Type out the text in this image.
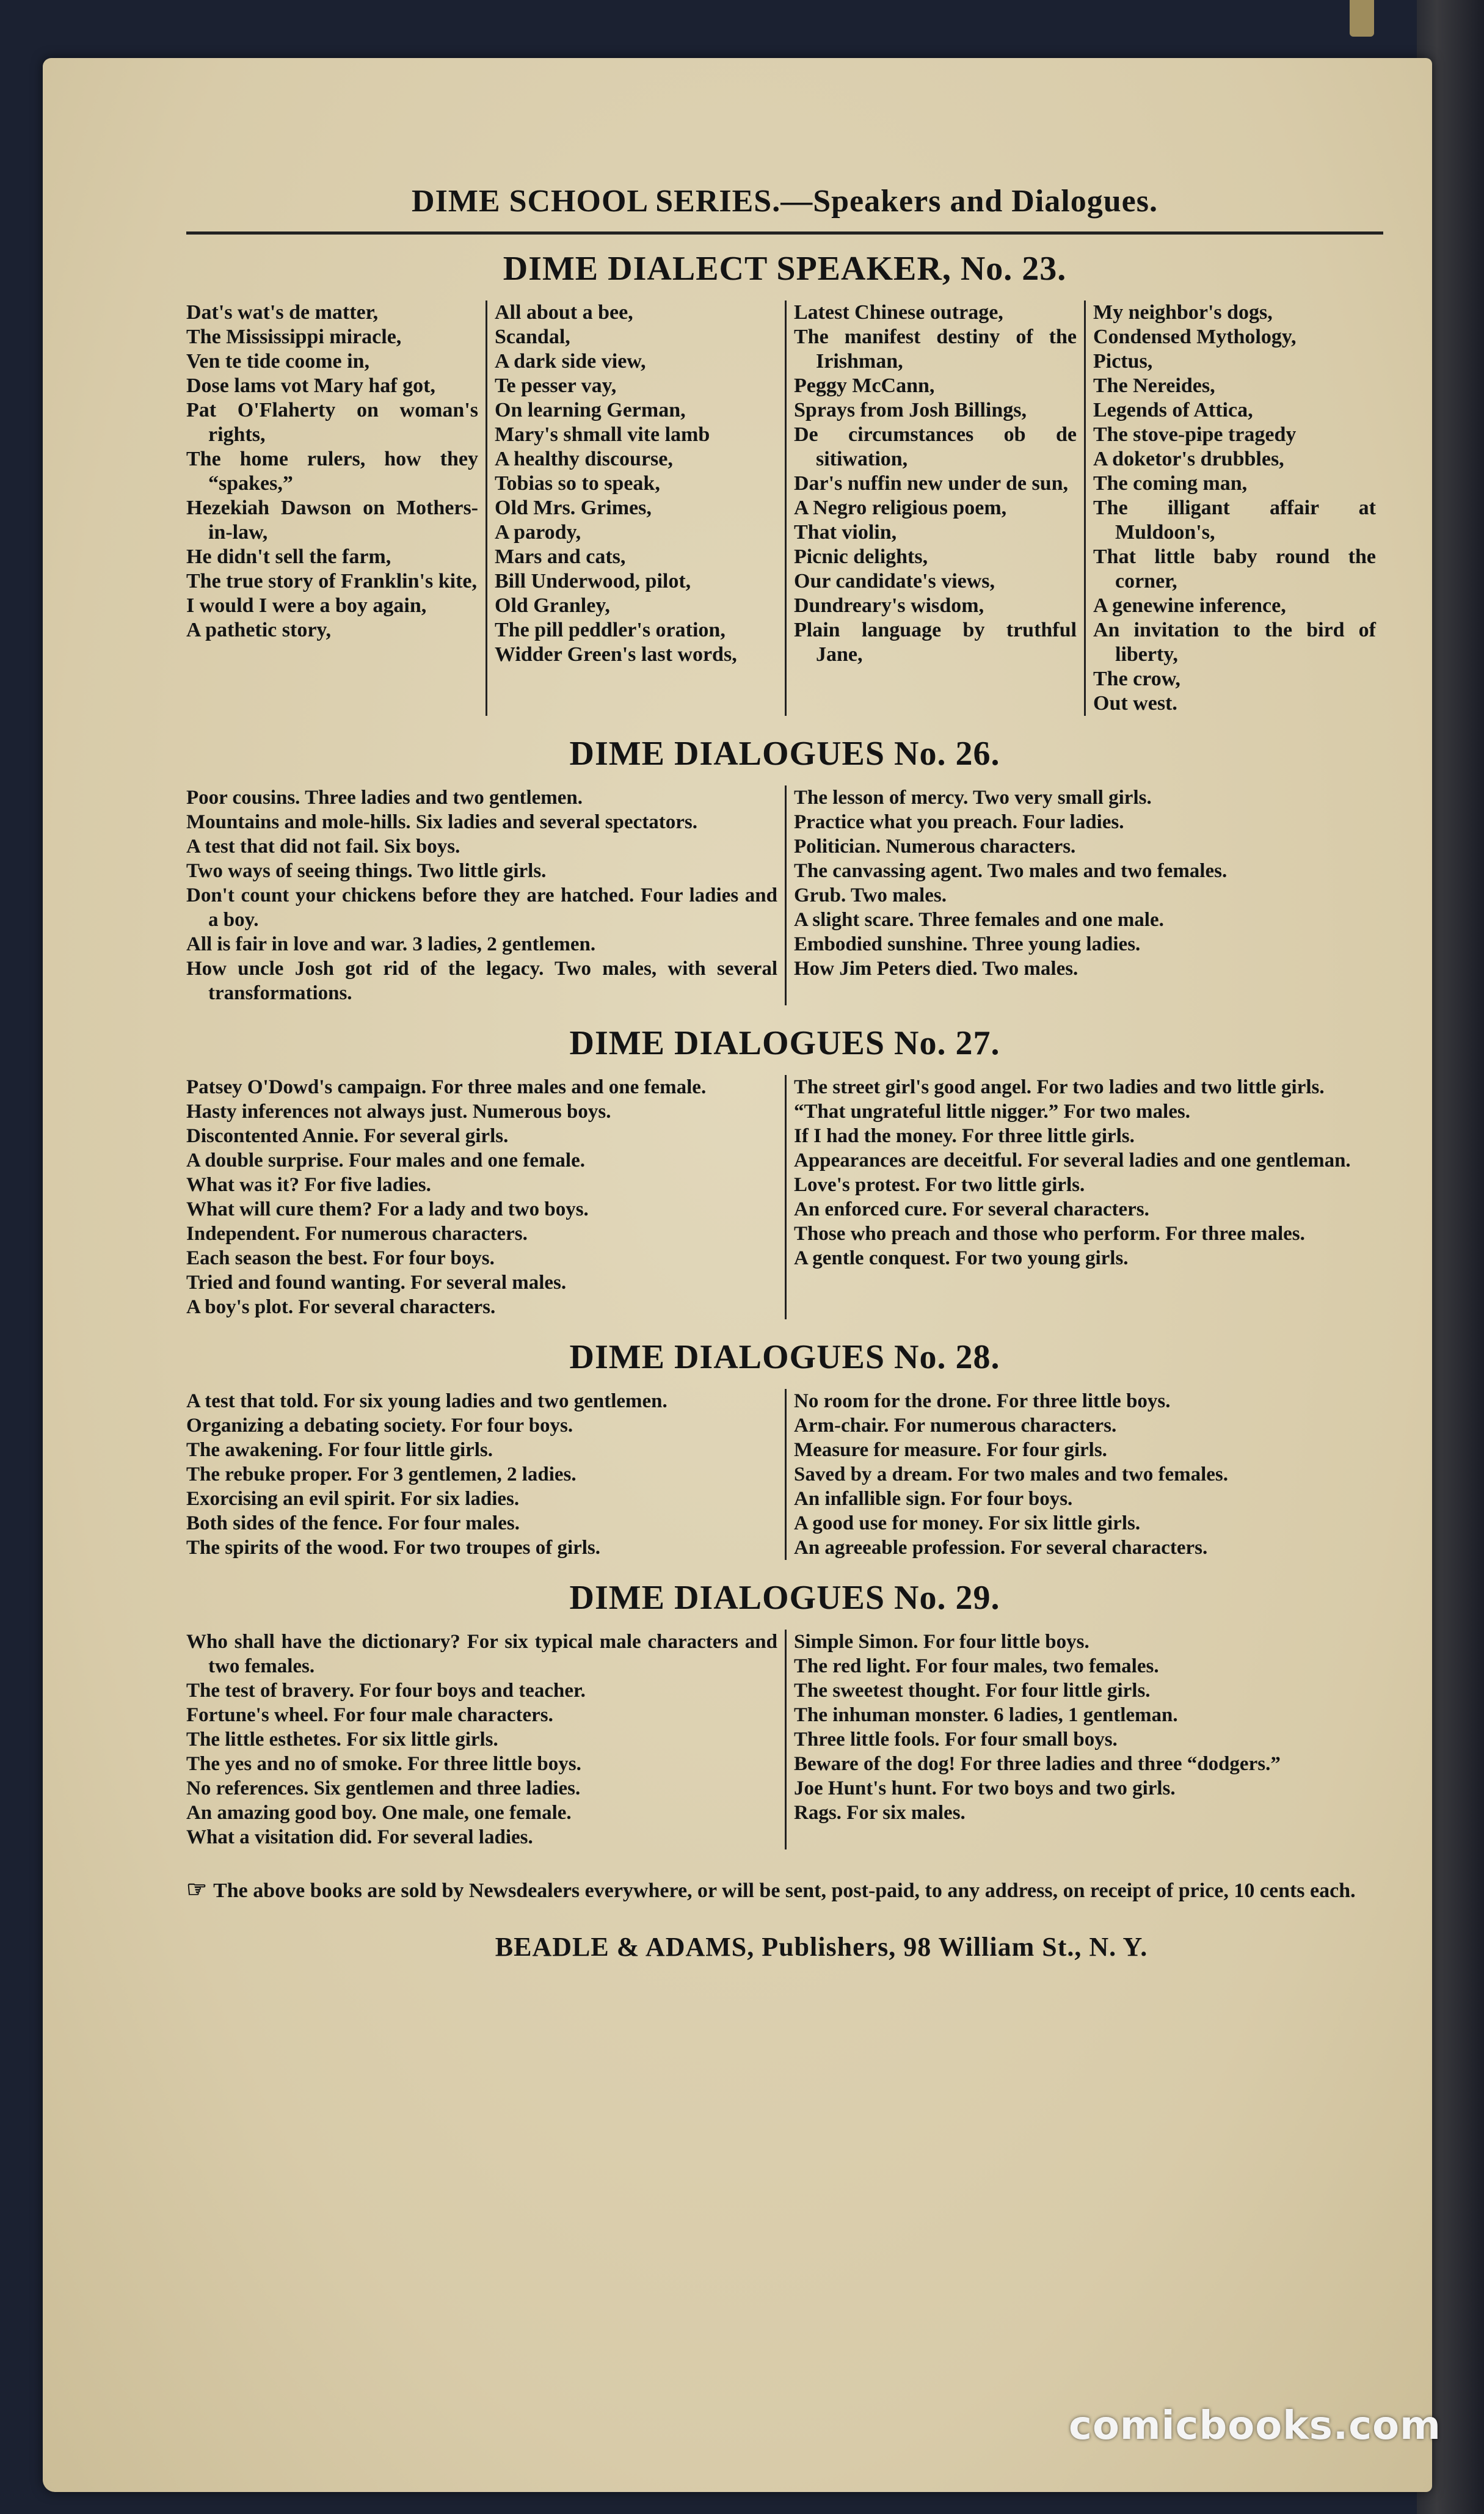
DIME SCHOOL SERIES.—Speakers and Dialogues.
DIME DIALECT SPEAKER, No. 23.
Dat's wat's de matter,
The Mississippi miracle,
Ven te tide coome in,
Dose lams vot Mary haf got,
Pat O'Flaherty on woman's rights,
The home rulers, how they “spakes,”
Hezekiah Dawson on Mothers-in-law,
He didn't sell the farm,
The true story of Franklin's kite,
I would I were a boy again,
A pathetic story,
All about a bee,
Scandal,
A dark side view,
Te pesser vay,
On learning German,
Mary's shmall vite lamb
A healthy discourse,
Tobias so to speak,
Old Mrs. Grimes,
A parody,
Mars and cats,
Bill Underwood, pilot,
Old Granley,
The pill peddler's oration,
Widder Green's last words,
Latest Chinese outrage,
The manifest destiny of the Irishman,
Peggy McCann,
Sprays from Josh Billings,
De circumstances ob de sitiwation,
Dar's nuffin new under de sun,
A Negro religious poem,
That violin,
Picnic delights,
Our candidate's views,
Dundreary's wisdom,
Plain language by truthful Jane,
My neighbor's dogs,
Condensed Mythology,
Pictus,
The Nereides,
Legends of Attica,
The stove-pipe tragedy
A doketor's drubbles,
The coming man,
The illigant affair at Muldoon's,
That little baby round the corner,
A genewine inference,
An invitation to the bird of liberty,
The crow,
Out west.
DIME DIALOGUES No. 26.
Poor cousins. Three ladies and two gentlemen.
Mountains and mole-hills. Six ladies and several spectators.
A test that did not fail. Six boys.
Two ways of seeing things. Two little girls.
Don't count your chickens before they are hatched. Four ladies and a boy.
All is fair in love and war. 3 ladies, 2 gentlemen.
How uncle Josh got rid of the legacy. Two males, with several transformations.
The lesson of mercy. Two very small girls.
Practice what you preach. Four ladies.
Politician. Numerous characters.
The canvassing agent. Two males and two females.
Grub. Two males.
A slight scare. Three females and one male.
Embodied sunshine. Three young ladies.
How Jim Peters died. Two males.
DIME DIALOGUES No. 27.
Patsey O'Dowd's campaign. For three males and one female.
Hasty inferences not always just. Numerous boys.
Discontented Annie. For several girls.
A double surprise. Four males and one female.
What was it? For five ladies.
What will cure them? For a lady and two boys.
Independent. For numerous characters.
Each season the best. For four boys.
Tried and found wanting. For several males.
A boy's plot. For several characters.
The street girl's good angel. For two ladies and two little girls.
“That ungrateful little nigger.” For two males.
If I had the money. For three little girls.
Appearances are deceitful. For several ladies and one gentleman.
Love's protest. For two little girls.
An enforced cure. For several characters.
Those who preach and those who perform. For three males.
A gentle conquest. For two young girls.
DIME DIALOGUES No. 28.
A test that told. For six young ladies and two gentlemen.
Organizing a debating society. For four boys.
The awakening. For four little girls.
The rebuke proper. For 3 gentlemen, 2 ladies.
Exorcising an evil spirit. For six ladies.
Both sides of the fence. For four males.
The spirits of the wood. For two troupes of girls.
No room for the drone. For three little boys.
Arm-chair. For numerous characters.
Measure for measure. For four girls.
Saved by a dream. For two males and two females.
An infallible sign. For four boys.
A good use for money. For six little girls.
An agreeable profession. For several characters.
DIME DIALOGUES No. 29.
Who shall have the dictionary? For six typical male characters and two females.
The test of bravery. For four boys and teacher.
Fortune's wheel. For four male characters.
The little esthetes. For six little girls.
The yes and no of smoke. For three little boys.
No references. Six gentlemen and three ladies.
An amazing good boy. One male, one female.
What a visitation did. For several ladies.
Simple Simon. For four little boys.
The red light. For four males, two females.
The sweetest thought. For four little girls.
The inhuman monster. 6 ladies, 1 gentleman.
Three little fools. For four small boys.
Beware of the dog! For three ladies and three “dodgers.”
Joe Hunt's hunt. For two boys and two girls.
Rags. For six males.
☞ The above books are sold by Newsdealers everywhere, or will be sent, post-paid, to any address, on receipt of price, 10 cents each.
BEADLE & ADAMS, Publishers, 98 William St., N. Y.
comicbooks.com
